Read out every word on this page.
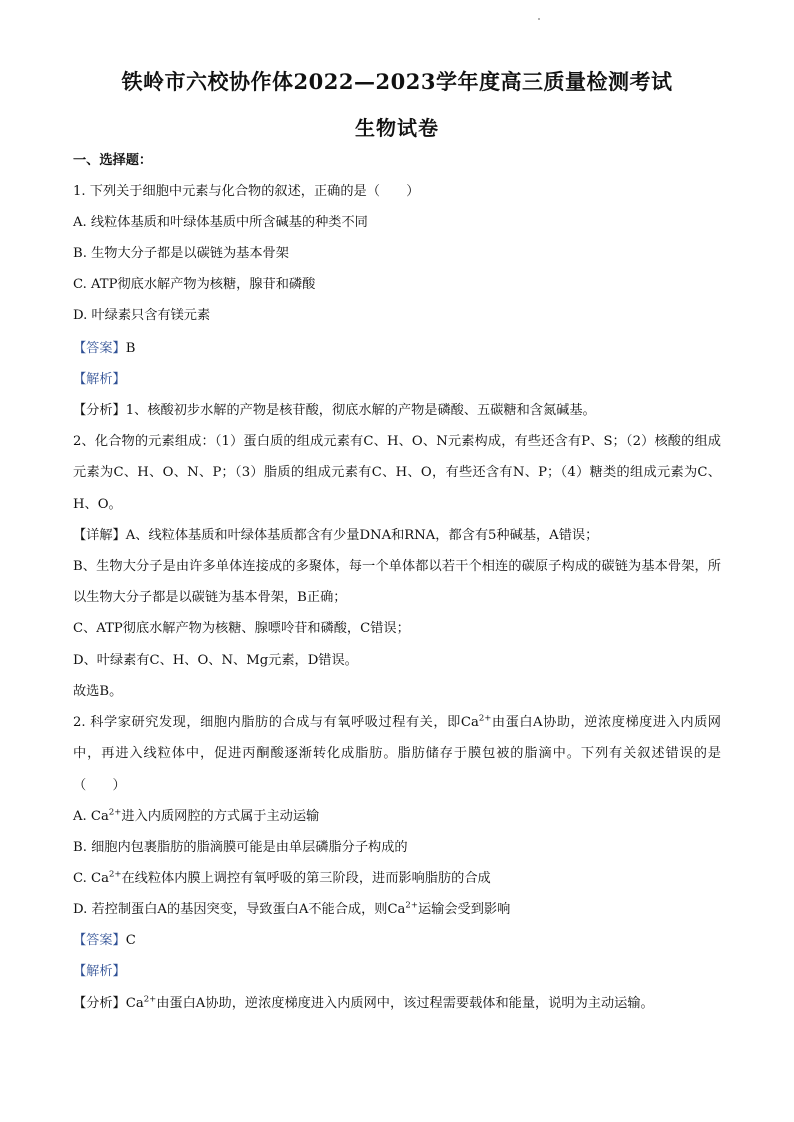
铁岭市六校协作体2022—2023学年度高三质量检测考试
生物试卷
一、选择题：
1. 下列关于细胞中元素与化合物的叙述，正确的是（　　）
A. 线粒体基质和叶绿体基质中所含碱基的种类不同
B. 生物大分子都是以碳链为基本骨架
C. ATP彻底水解产物为核糖，腺苷和磷酸
D. 叶绿素只含有镁元素
【答案】B
【解析】
【分析】1、核酸初步水解的产物是核苷酸，彻底水解的产物是磷酸、五碳糖和含氮碱基。
2、化合物的元素组成：（1）蛋白质的组成元素有C、H、O、N元素构成，有些还含有P、S；（2）核酸的组成元素为C、H、O、N、P；（3）脂质的组成元素有C、H、O，有些还含有N、P；（4）糖类的组成元素为C、H、O。
【详解】A、线粒体基质和叶绿体基质都含有少量DNA和RNA，都含有5种碱基，A错误；
B、生物大分子是由许多单体连接成的多聚体，每一个单体都以若干个相连的碳原子构成的碳链为基本骨架，所以生物大分子都是以碳链为基本骨架，B正确；
C、ATP彻底水解产物为核糖、腺嘌呤苷和磷酸，C错误；
D、叶绿素有C、H、O、N、Mg元素，D错误。
故选B。
2. 科学家研究发现，细胞内脂肪的合成与有氧呼吸过程有关，即$Ca^{2+}$由蛋白A协助，逆浓度梯度进入内质网中，再进入线粒体中，促进丙酮酸逐渐转化成脂肪。脂肪储存于膜包被的脂滴中。下列有关叙述错误的是（　　）
A. $Ca^{2+}$进入内质网腔的方式属于主动运输
B. 细胞内包裹脂肪的脂滴膜可能是由单层磷脂分子构成的
C. $Ca^{2+}$在线粒体内膜上调控有氧呼吸的第三阶段，进而影响脂肪的合成
D. 若控制蛋白A的基因突变，导致蛋白A不能合成，则$Ca^{2+}$运输会受到影响
【答案】C
【解析】
【分析】$Ca^{2+}$由蛋白A协助，逆浓度梯度进入内质网中，该过程需要载体和能量，说明为主动运输。
